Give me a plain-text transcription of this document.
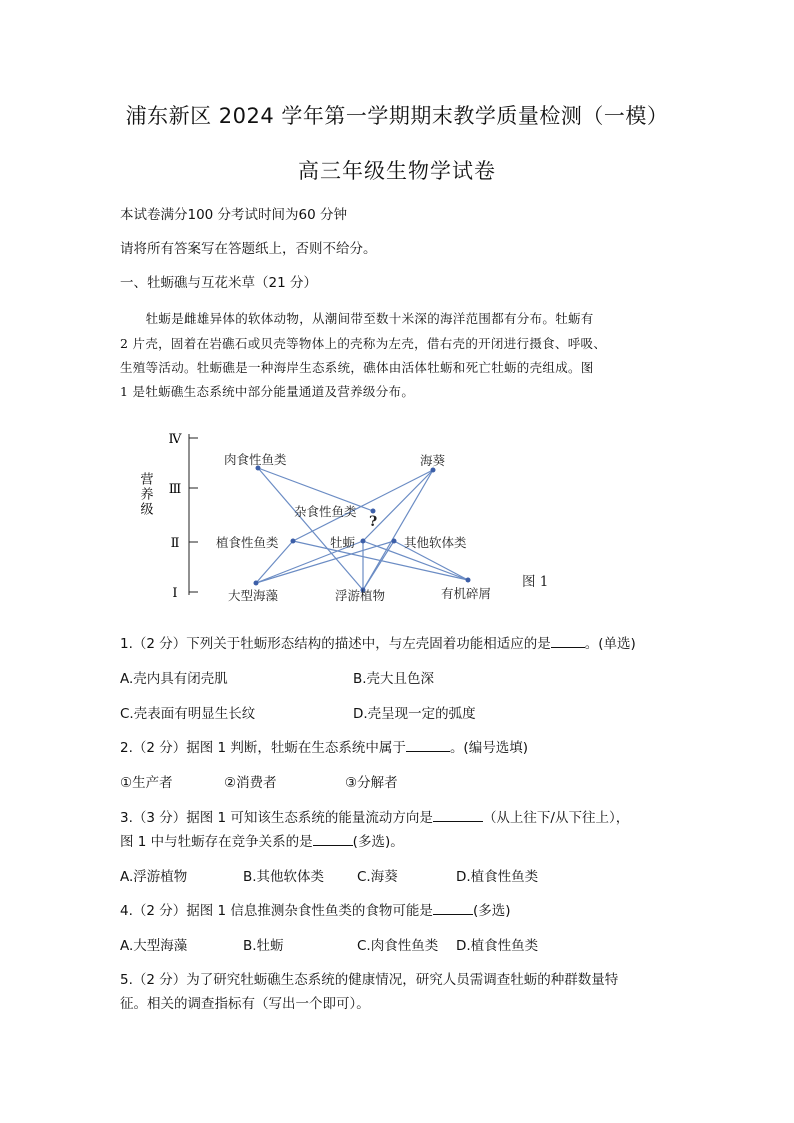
浦东新区 2024 学年第一学期期末教学质量检测（一模）
高三年级生物学试卷
本试卷满分100 分考试时间为60 分钟
请将所有答案写在答题纸上，否则不给分。
一、牡蛎礁与互花米草（21 分）
　　牡蛎是雌雄异体的软体动物，从潮间带至数十米深的海洋范围都有分布。牡蛎有
2 片壳，固着在岩礁石或贝壳等物体上的壳称为左壳，借右壳的开闭进行摄食、呼吸、
生殖等活动。牡蛎礁是一种海岸生态系统，礁体由活体牡蛎和死亡牡蛎的壳组成。图
1 是牡蛎礁生态系统中部分能量通道及营养级分布。
Ⅳ
Ⅲ
Ⅱ
Ⅰ
营养级
肉食性鱼类	海葵
杂食性鱼类
?
植食性鱼类	牡蛎	其他软体类
大型海藻	浮游植物	有机碎屑
图 1
1.（2 分）下列关于牡蛎形态结构的描述中，与左壳固着功能相适应的是	。(单选)
A.壳内具有闭壳肌	B.壳大且色深
C.壳表面有明显生长纹	D.壳呈现一定的弧度
2.（2 分）据图 1 判断，牡蛎在生态系统中属于	。(编号选填)
①生产者	②消费者	③分解者
3.（3 分）据图 1 可知该生态系统的能量流动方向是	（从上往下/从下往上），
图 1 中与牡蛎存在竞争关系的是	(多选)。
A.浮游植物	B.其他软体类 C.海葵	D.植食性鱼类
4.（2 分）据图 1 信息推测杂食性鱼类的食物可能是	(多选)
A.大型海藻	B.牡蛎	C.肉食性鱼类 D.植食性鱼类
5.（2 分）为了研究牡蛎礁生态系统的健康情况，研究人员需调查牡蛎的种群数量特
征。相关的调查指标有（写出一个即可）。
